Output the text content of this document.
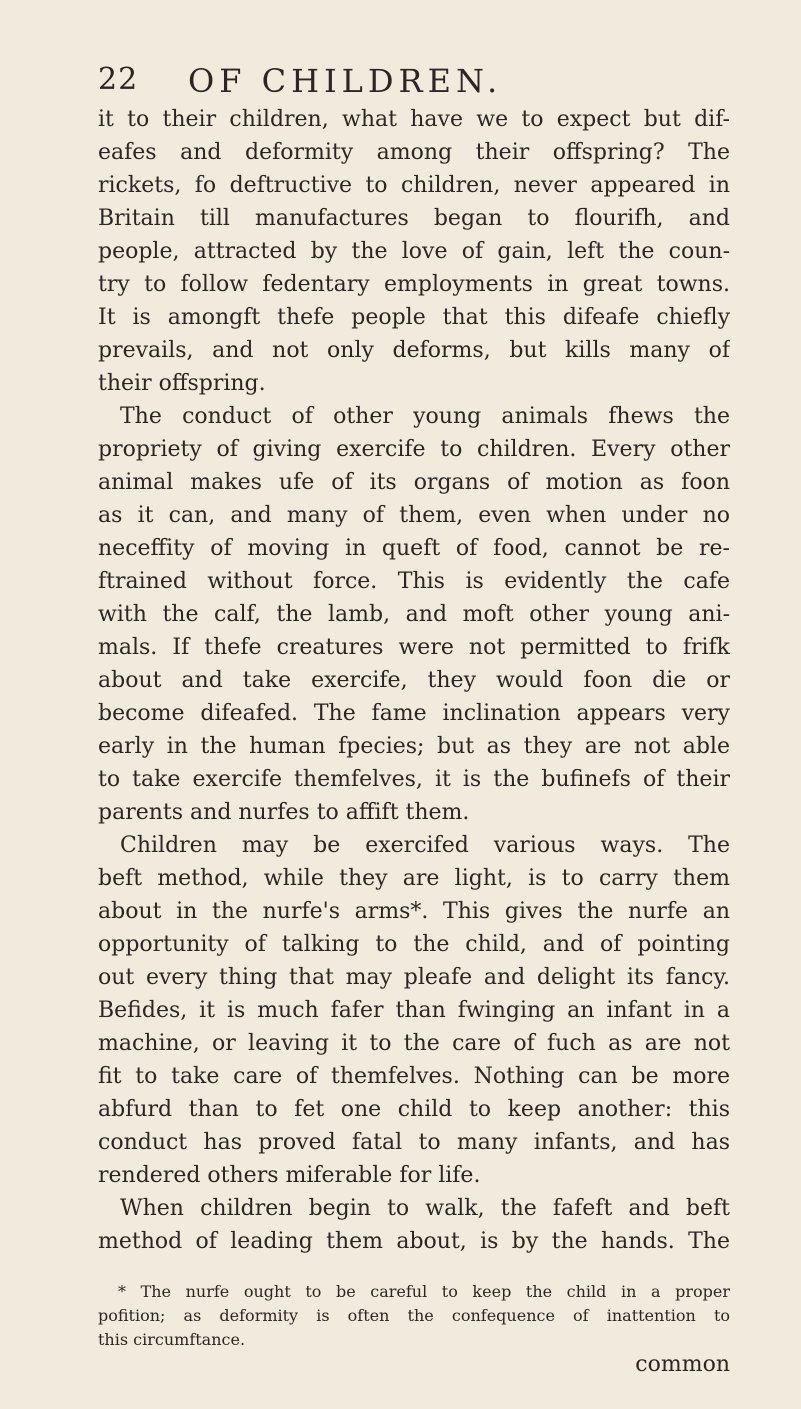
22 OF CHILDREN.
it to their children, what have we to expect but dif-
eafes and deformity among their offspring? The
rickets, fo deftructive to children, never appeared in
Britain till manufactures began to flourifh, and
people, attracted by the love of gain, left the coun-
try to follow fedentary employments in great towns.
It is amongft thefe people that this difeafe chiefly
prevails, and not only deforms, but kills many of
their offspring.
The conduct of other young animals fhews the
propriety of giving exercife to children. Every other
animal makes ufe of its organs of motion as foon
as it can, and many of them, even when under no
neceffity of moving in queft of food, cannot be re-
ftrained without force. This is evidently the cafe
with the calf, the lamb, and moft other young ani-
mals. If thefe creatures were not permitted to frifk
about and take exercife, they would foon die or
become difeafed. The fame inclination appears very
early in the human fpecies; but as they are not able
to take exercife themfelves, it is the bufinefs of their
parents and nurfes to affift them.
Children may be exercifed various ways. The
beft method, while they are light, is to carry them
about in the nurfe's arms*. This gives the nurfe an
opportunity of talking to the child, and of pointing
out every thing that may pleafe and delight its fancy.
Befides, it is much fafer than fwinging an infant in a
machine, or leaving it to the care of fuch as are not
fit to take care of themfelves. Nothing can be more
abfurd than to fet one child to keep another: this
conduct has proved fatal to many infants, and has
rendered others miferable for life.
When children begin to walk, the fafeft and beft
method of leading them about, is by the hands. The
* The nurfe ought to be careful to keep the child in a proper
pofition; as deformity is often the confequence of inattention to
this circumftance.
common
